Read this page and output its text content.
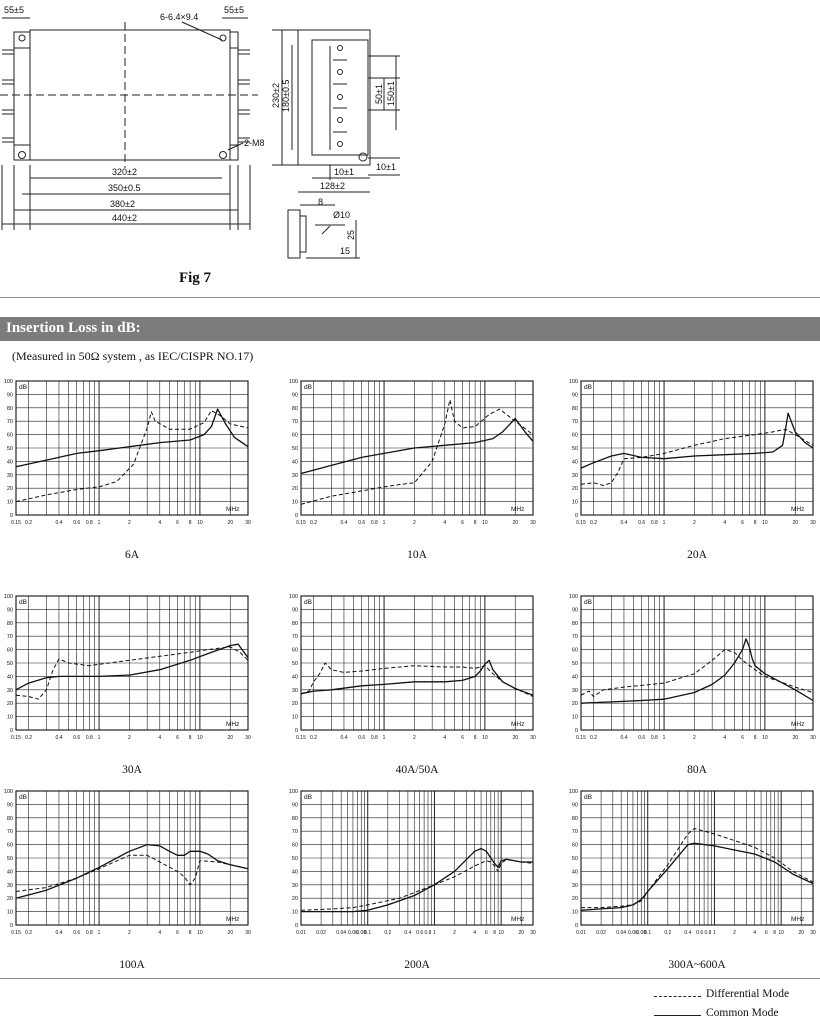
55±5
6-6.4×9.4
55±5
320±2
350±0.5
380±2
440±2
2-M8
230±2 180±0.5	50±1 150±1
10±1
10±1
128±2
8
Ø10
25
15
Fig 7
Insertion Loss in dB:
(Measured in 50Ω system , as IEC/CISPR NO.17)
100
90
80
70
60
50
40
30
20
10
0
0.15 0.2	0.4 0.6 0.8 1	2	4	6 8 10	20 30
dB
MHz
6A
100
90
80
70
60
50
40
30
20
10
0
0.15 0.2	0.4 0.6 0.8 1	2	4	6 8 10	20 30
dB
MHz
10A
100
90
80
70
60
50
40
30
20
10
0
0.15 0.2	0.4 0.6 0.8 1	2	4	6 8 10	20 30
dB
MHz
20A
100
90
80
70
60
50
40
30
20
10
0
0.15 0.2	0.4 0.6 0.8 1	2	4	6 8 10	20 30
dB
MHz
30A
100
90
80
70
60
50
40
30
20
10
0
0.15 0.2	0.4 0.6 0.8 1	2	4	6 8 10	20 30
dB
MHz
40A/50A
100
90
80
70
60
50
40
30
20
10
0
0.15 0.2	0.4 0.6 0.8 1	2	4	6 8 10	20 30
dB
MHz
80A
100
90
80
70
60
50
40
30
20
10
0
0.15 0.2	0.4 0.6 0.8 1	2	4	6 8 10	20 30
dB
MHz
100A
100
90
80
70
60
50
40
30
20
10
0
0.01 0.02 0.04 0.06
0.08
0.1	0.2	0.4 0.6 0.8 1	2	4 6 8 10	20 30
dB
MHz
200A
100
90
80
70
60
50
40
30
20
10
0
0.01 0.02 0.04 0.06
0.08
0.1	0.2	0.4 0.6 0.8 1	2	4 6 8 10	20 30
dB
MHz
300A~600A
Differential Mode
Common Mode
